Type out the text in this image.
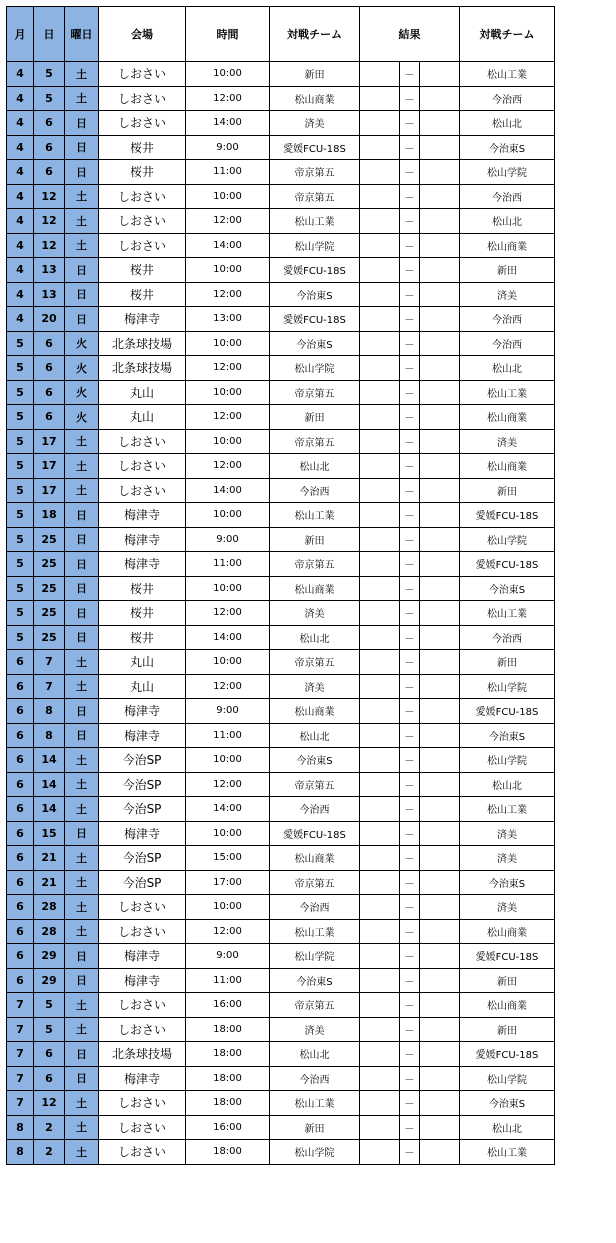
月	日	曜日	会場	時間	対戦チーム	結果			対戦チーム
4	5	土	しおさい	10:00	新田		－		松山工業
4	5	土	しおさい	12:00	松山商業		－		今治西
4	6	日	しおさい	14:00	済美		－		松山北
4	6	日	桜井	9:00	愛媛FCU-18S		－		今治東S
4	6	日	桜井	11:00	帝京第五		－		松山学院
4	12	土	しおさい	10:00	帝京第五		－		今治西
4	12	土	しおさい	12:00	松山工業		－		松山北
4	12	土	しおさい	14:00	松山学院		－		松山商業
4	13	日	桜井	10:00	愛媛FCU-18S		－		新田
4	13	日	桜井	12:00	今治東S		－		済美
4	20	日	梅津寺	13:00	愛媛FCU-18S		－		今治西
5	6	火	北条球技場	10:00	今治東S		－		今治西
5	6	火	北条球技場	12:00	松山学院		－		松山北
5	6	火	丸山	10:00	帝京第五		－		松山工業
5	6	火	丸山	12:00	新田		－		松山商業
5	17	土	しおさい	10:00	帝京第五		－		済美
5	17	土	しおさい	12:00	松山北		－		松山商業
5	17	土	しおさい	14:00	今治西		－		新田
5	18	日	梅津寺	10:00	松山工業		－		愛媛FCU-18S
5	25	日	梅津寺	9:00	新田		－		松山学院
5	25	日	梅津寺	11:00	帝京第五		－		愛媛FCU-18S
5	25	日	桜井	10:00	松山商業		－		今治東S
5	25	日	桜井	12:00	済美		－		松山工業
5	25	日	桜井	14:00	松山北		－		今治西
6	7	土	丸山	10:00	帝京第五		－		新田
6	7	土	丸山	12:00	済美		－		松山学院
6	8	日	梅津寺	9:00	松山商業		－		愛媛FCU-18S
6	8	日	梅津寺	11:00	松山北		－		今治東S
6	14	土	今治SP	10:00	今治東S		－		松山学院
6	14	土	今治SP	12:00	帝京第五		－		松山北
6	14	土	今治SP	14:00	今治西		－		松山工業
6	15	日	梅津寺	10:00	愛媛FCU-18S		－		済美
6	21	土	今治SP	15:00	松山商業		－		済美
6	21	土	今治SP	17:00	帝京第五		－		今治東S
6	28	土	しおさい	10:00	今治西		－		済美
6	28	土	しおさい	12:00	松山工業		－		松山商業
6	29	日	梅津寺	9:00	松山学院		－		愛媛FCU-18S
6	29	日	梅津寺	11:00	今治東S		－		新田
7	5	土	しおさい	16:00	帝京第五		－		松山商業
7	5	土	しおさい	18:00	済美		－		新田
7	6	日	北条球技場	18:00	松山北		－		愛媛FCU-18S
7	6	日	梅津寺	18:00	今治西		－		松山学院
7	12	土	しおさい	18:00	松山工業		－		今治東S
8	2	土	しおさい	16:00	新田		－		松山北
8	2	土	しおさい	18:00	松山学院		－		松山工業
